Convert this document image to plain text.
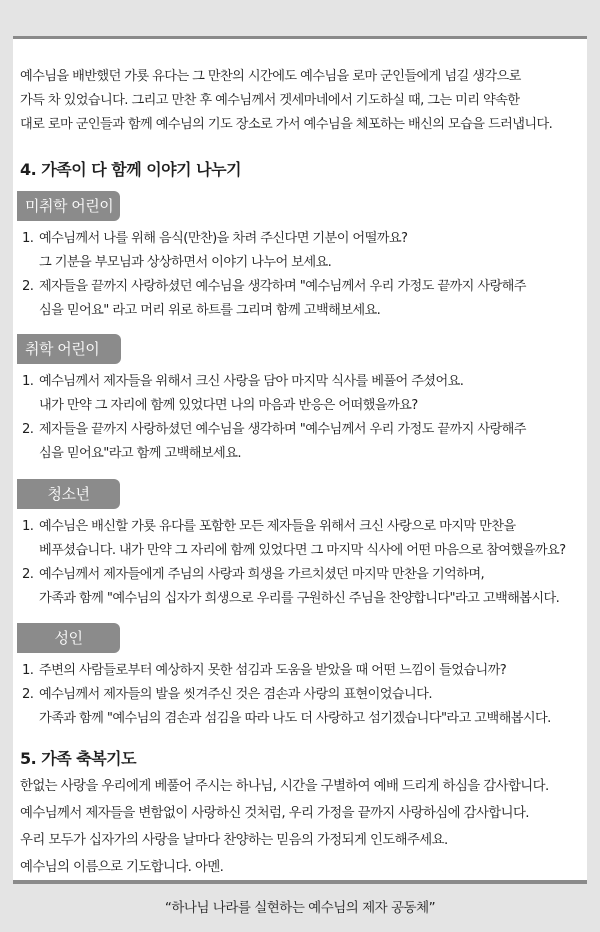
예수님을 배반했던 가룟 유다는 그 만찬의 시간에도 예수님을 로마 군인들에게 넘길 생각으로
가득 차 있었습니다. 그리고 만찬 후 예수님께서 겟세마네에서 기도하실 때, 그는 미리 약속한
대로 로마 군인들과 함께 예수님의 기도 장소로 가서 예수님을 체포하는 배신의 모습을 드러냅니다.
4. 가족이 다 함께 이야기 나누기
미취학 어린이
1. 예수님께서 나를 위해 음식(만찬)을 차려 주신다면 기분이 어떨까요?
그 기분을 부모님과 상상하면서 이야기 나누어 보세요.
2. 제자들을 끝까지 사랑하셨던 예수님을 생각하며 "예수님께서 우리 가정도 끝까지 사랑해주
심을 믿어요" 라고 머리 위로 하트를 그리며 함께 고백해보세요.
취학 어린이
1. 예수님께서 제자들을 위해서 크신 사랑을 담아 마지막 식사를 베풀어 주셨어요.
내가 만약 그 자리에 함께 있었다면 나의 마음과 반응은 어떠했을까요?
2. 제자들을 끝까지 사랑하셨던 예수님을 생각하며 "예수님께서 우리 가정도 끝까지 사랑해주
심을 믿어요"라고 함께 고백해보세요.
청소년
1. 예수님은 배신할 가룟 유다를 포함한 모든 제자들을 위해서 크신 사랑으로 마지막 만찬을
베푸셨습니다. 내가 만약 그 자리에 함께 있었다면 그 마지막 식사에 어떤 마음으로 참여했을까요?
2. 예수님께서 제자들에게 주님의 사랑과 희생을 가르치셨던 마지막 만찬을 기억하며,
가족과 함께 "예수님의 십자가 희생으로 우리를 구원하신 주님을 찬양합니다"라고 고백해봅시다.
성인
1. 주변의 사람들로부터 예상하지 못한 섬김과 도움을 받았을 때 어떤 느낌이 들었습니까?
2. 예수님께서 제자들의 발을 씻겨주신 것은 겸손과 사랑의 표현이었습니다.
가족과 함께 "예수님의 겸손과 섬김을 따라 나도 더 사랑하고 섬기겠습니다"라고 고백해봅시다.
5. 가족 축복기도
한없는 사랑을 우리에게 베풀어 주시는 하나님, 시간을 구별하여 예배 드리게 하심을 감사합니다.
예수님께서 제자들을 변함없이 사랑하신 것처럼, 우리 가정을 끝까지 사랑하심에 감사합니다.
우리 모두가 십자가의 사랑을 날마다 찬양하는 믿음의 가정되게 인도해주세요.
예수님의 이름으로 기도합니다. 아멘.
“하나님 나라를 실현하는 예수님의 제자 공동체”
